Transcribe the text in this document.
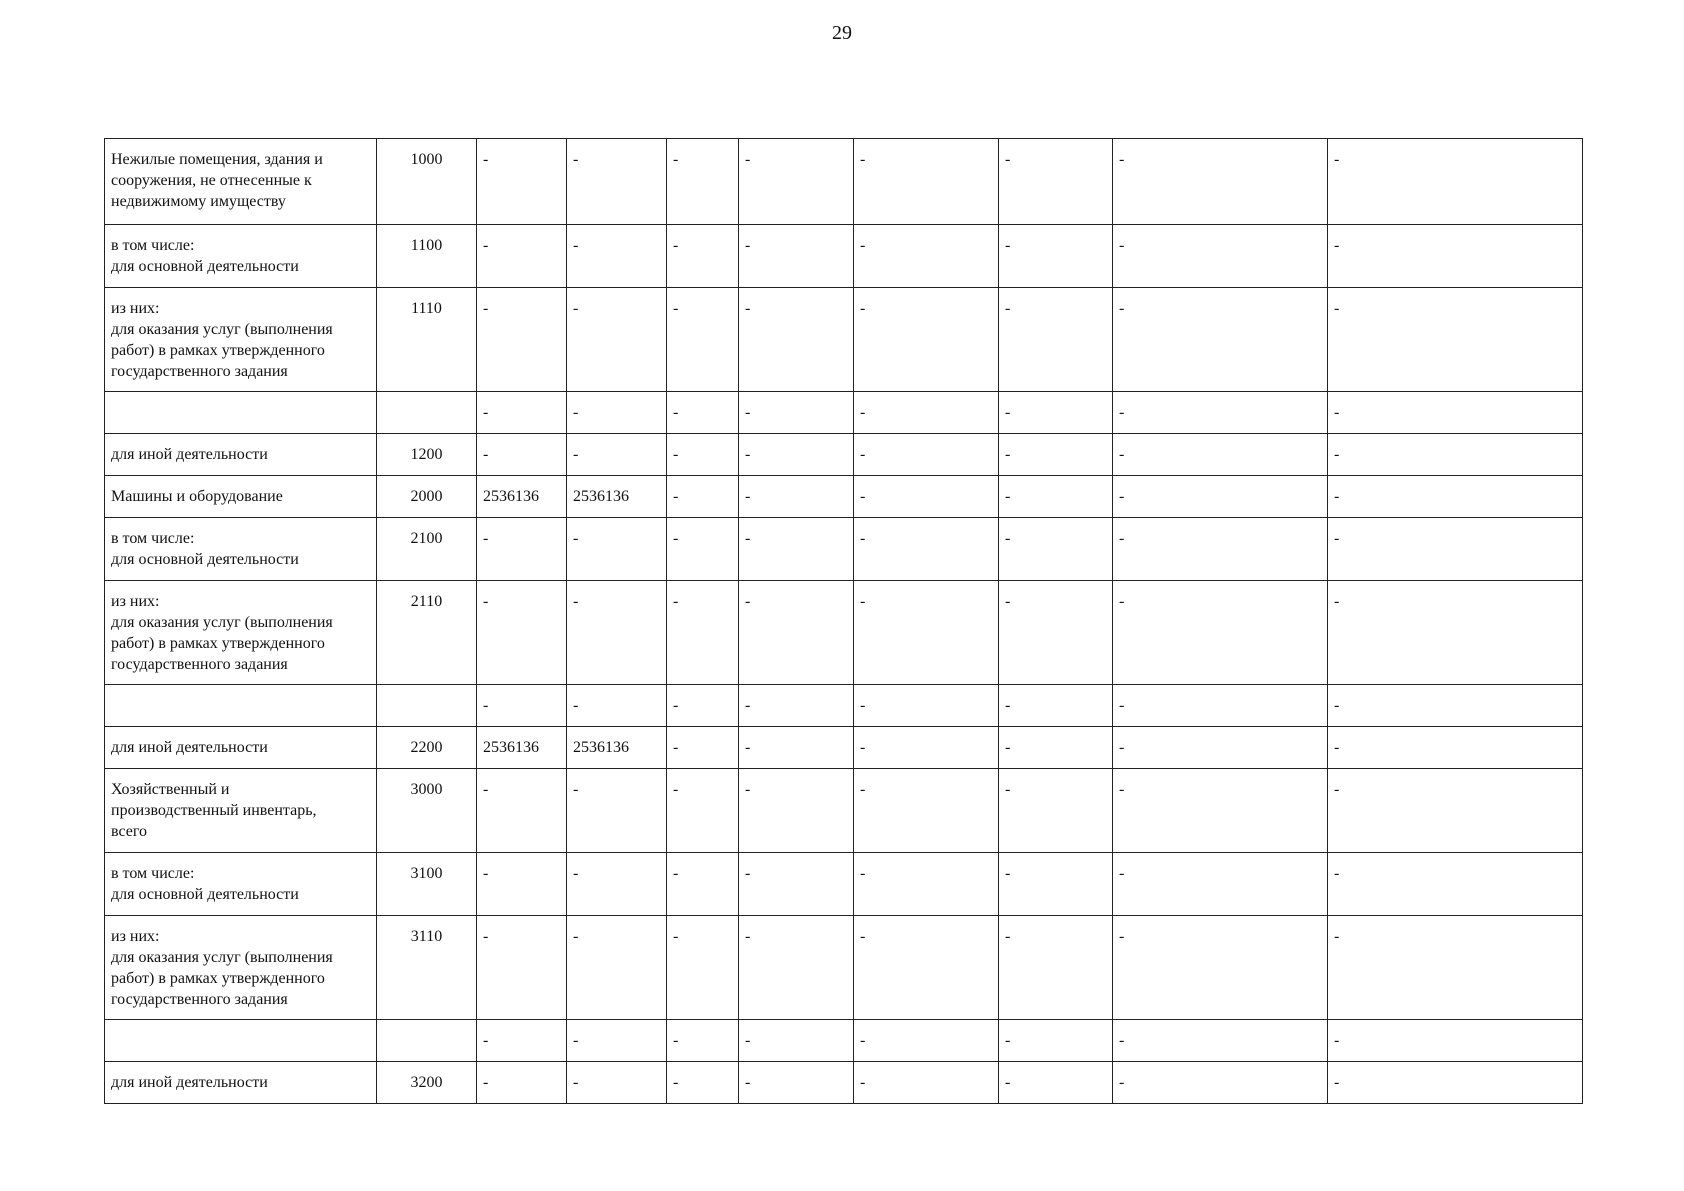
29
Нежилые помещения, здания и
сооружения, не отнесенные к
недвижимому имуществу	1000	-	-	-	-	-	-	-	-
в том числе:
для основной деятельности	1100	-	-	-	-	-	-	-	-
из них:
для оказания услуг (выполнения
работ) в рамках утвержденного
государственного задания	1110	-	-	-	-	-	-	-	-
		-	-	-	-	-	-	-	-
для иной деятельности	1200	-	-	-	-	-	-	-	-
Машины и оборудование	2000	2536136	2536136	-	-	-	-	-	-
в том числе:
для основной деятельности	2100	-	-	-	-	-	-	-	-
из них:
для оказания услуг (выполнения
работ) в рамках утвержденного
государственного задания	2110	-	-	-	-	-	-	-	-
		-	-	-	-	-	-	-	-
для иной деятельности	2200	2536136	2536136	-	-	-	-	-	-
Хозяйственный и
производственный инвентарь,
всего	3000	-	-	-	-	-	-	-	-
в том числе:
для основной деятельности	3100	-	-	-	-	-	-	-	-
из них:
для оказания услуг (выполнения
работ) в рамках утвержденного
государственного задания	3110	-	-	-	-	-	-	-	-
		-	-	-	-	-	-	-	-
для иной деятельности	3200	-	-	-	-	-	-	-	-
